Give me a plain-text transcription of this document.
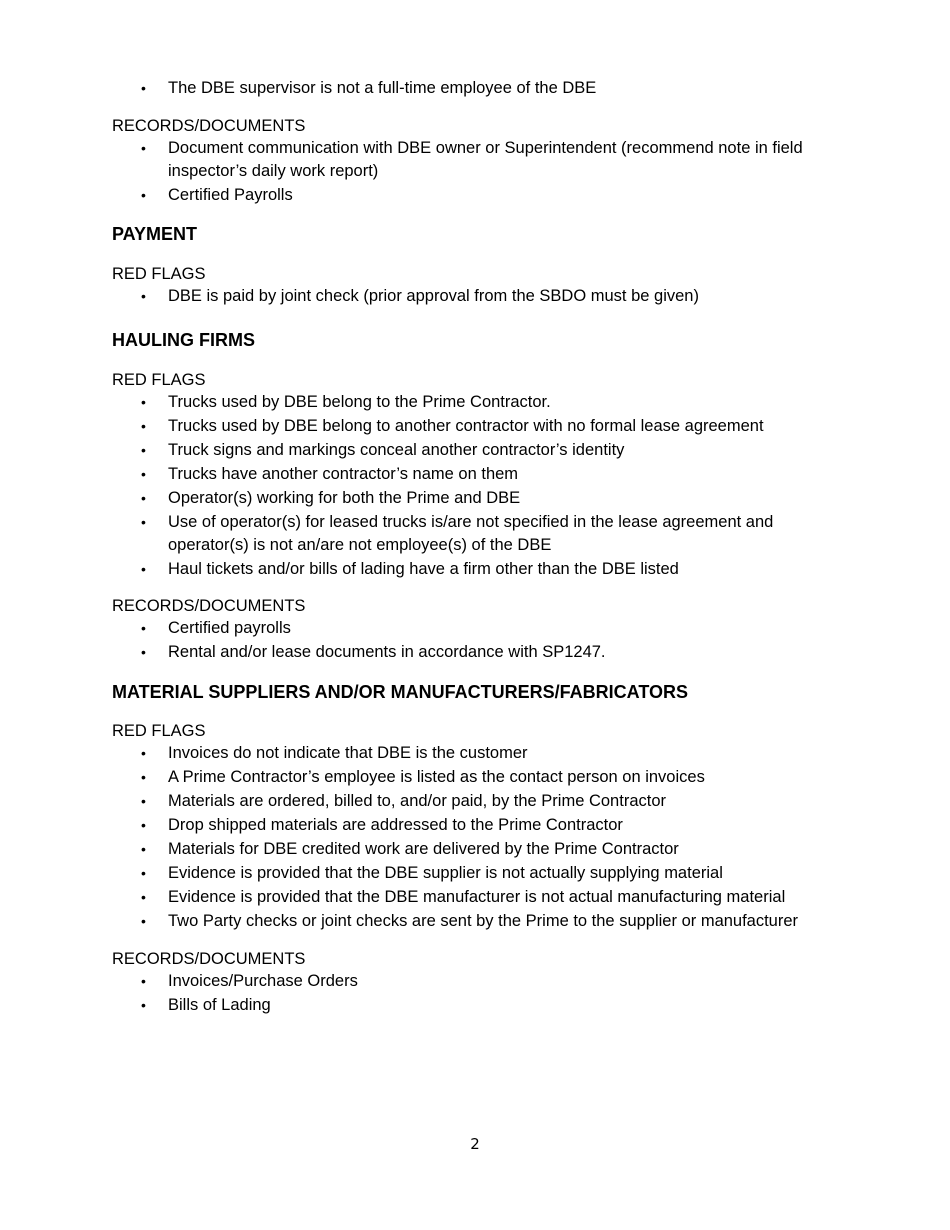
• The DBE supervisor is not a full-time employee of the DBE

RECORDS/DOCUMENTS

• Document communication with DBE owner or Superintendent (recommend note in field inspector’s daily work report)
• Certified Payrolls

PAYMENT

RED FLAGS

• DBE is paid by joint check (prior approval from the SBDO must be given)

HAULING FIRMS

RED FLAGS

• Trucks used by DBE belong to the Prime Contractor.
• Trucks used by DBE belong to another contractor with no formal lease agreement
• Truck signs and markings conceal another contractor’s identity
• Trucks have another contractor’s name on them
• Operator(s) working for both the Prime and DBE
• Use of operator(s) for leased trucks is/are not specified in the lease agreement and operator(s) is not an/are not employee(s) of the DBE
• Haul tickets and/or bills of lading have a firm other than the DBE listed

RECORDS/DOCUMENTS

• Certified payrolls
• Rental and/or lease documents in accordance with SP1247.

MATERIAL SUPPLIERS AND/OR MANUFACTURERS/FABRICATORS

RED FLAGS

• Invoices do not indicate that DBE is the customer
• A Prime Contractor’s employee is listed as the contact person on invoices
• Materials are ordered, billed to, and/or paid, by the Prime Contractor
• Drop shipped materials are addressed to the Prime Contractor
• Materials for DBE credited work are delivered by the Prime Contractor
• Evidence is provided that the DBE supplier is not actually supplying material
• Evidence is provided that the DBE manufacturer is not actual manufacturing material
• Two Party checks or joint checks are sent by the Prime to the supplier or manufacturer

RECORDS/DOCUMENTS

• Invoices/Purchase Orders
• Bills of Lading
2
